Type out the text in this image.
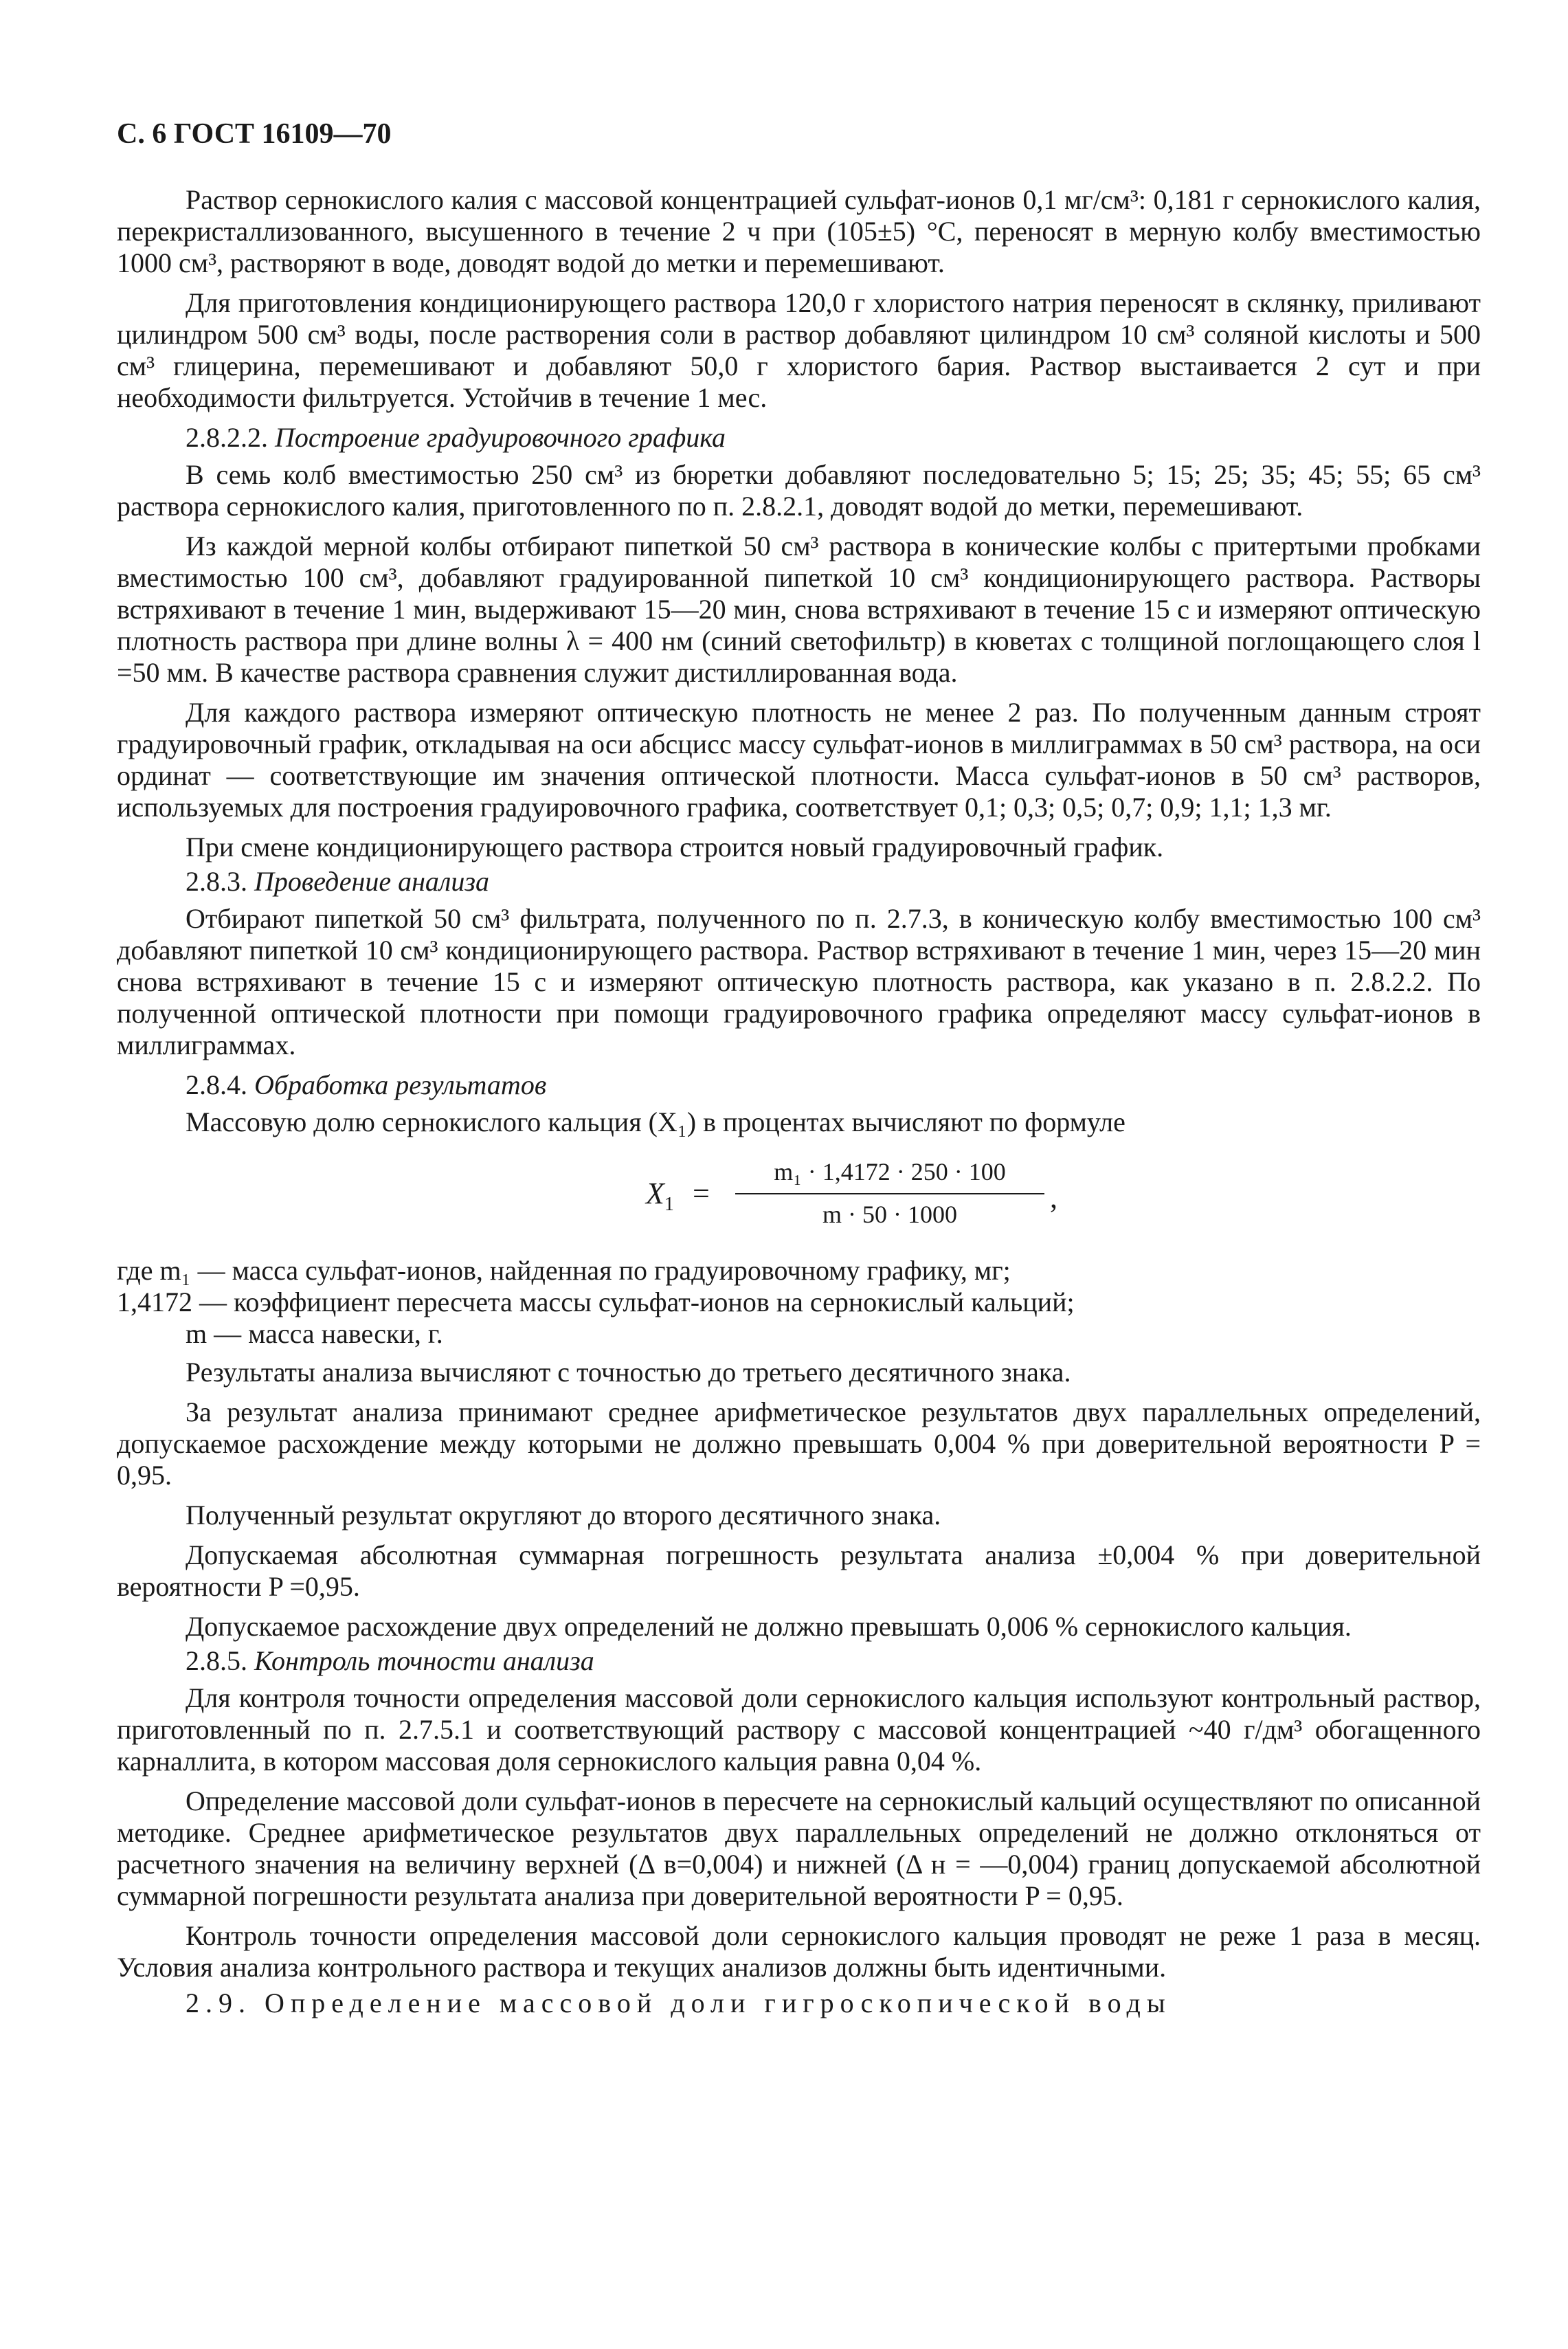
С. 6 ГОСТ 16109—70

Раствор сернокислого калия с массовой концентрацией сульфат-ионов 0,1 мг/см³: 0,181 г сернокислого калия, перекристаллизованного, высушенного в течение 2 ч при (105±5) °С, переносят в мерную колбу вместимостью 1000 см³, растворяют в воде, доводят водой до метки и перемешивают.

Для приготовления кондиционирующего раствора 120,0 г хлористого натрия переносят в склянку, приливают цилиндром 500 см³ воды, после растворения соли в раствор добавляют цилиндром 10 см³ соляной кислоты и 500 см³ глицерина, перемешивают и добавляют 50,0 г хлористого бария. Раствор выстаивается 2 сут и при необходимости фильтруется. Устойчив в течение 1 мес.

2.8.2.2. Построение градуировочного графика

В семь колб вместимостью 250 см³ из бюретки добавляют последовательно 5; 15; 25; 35; 45; 55; 65 см³ раствора сернокислого калия, приготовленного по п. 2.8.2.1, доводят водой до метки, перемешивают.

Из каждой мерной колбы отбирают пипеткой 50 см³ раствора в конические колбы с притертыми пробками вместимостью 100 см³, добавляют градуированной пипеткой 10 см³ кондиционирующего раствора. Растворы встряхивают в течение 1 мин, выдерживают 15—20 мин, снова встряхивают в течение 15 с и измеряют оптическую плотность раствора при длине волны λ = 400 нм (синий светофильтр) в кюветах с толщиной поглощающего слоя l =50 мм. В качестве раствора сравнения служит дистиллированная вода.

Для каждого раствора измеряют оптическую плотность не менее 2 раз. По полученным данным строят градуировочный график, откладывая на оси абсцисс массу сульфат-ионов в миллиграммах в 50 см³ раствора, на оси ординат — соответствующие им значения оптической плотности. Масса сульфат-ионов в 50 см³ растворов, используемых для построения градуировочного графика, соответствует 0,1; 0,3; 0,5; 0,7; 0,9; 1,1; 1,3 мг.

При смене кондиционирующего раствора строится новый градуировочный график.

2.8.3. Проведение анализа

Отбирают пипеткой 50 см³ фильтрата, полученного по п. 2.7.3, в коническую колбу вместимостью 100 см³ добавляют пипеткой 10 см³ кондиционирующего раствора. Раствор встряхивают в течение 1 мин, через 15—20 мин снова встряхивают в течение 15 с и измеряют оптическую плотность раствора, как указано в п. 2.8.2.2. По полученной оптической плотности при помощи градуировочного графика определяют массу сульфат-ионов в миллиграммах.

2.8.4. Обработка результатов

Массовую долю сернокислого кальция (X₁) в процентах вычисляют по формуле

$X_1$ =
m₁ · 1,4172 · 250 · 100
m · 50 · 1000	,
где m₁ — масса сульфат-ионов, найденная по градуировочному графику, мг;
1,4172 — коэффициент пересчета массы сульфат-ионов на сернокислый кальций;
m — масса навески, г.

Результаты анализа вычисляют с точностью до третьего десятичного знака.

За результат анализа принимают среднее арифметическое результатов двух параллельных определений, допускаемое расхождение между которыми не должно превышать 0,004 % при доверительной вероятности P = 0,95.

Полученный результат округляют до второго десятичного знака.

Допускаемая абсолютная суммарная погрешность результата анализа ±0,004 % при доверительной вероятности P =0,95.

Допускаемое расхождение двух определений не должно превышать 0,006 % сернокислого кальция.

2.8.5. Контроль точности анализа

Для контроля точности определения массовой доли сернокислого кальция используют контрольный раствор, приготовленный по п. 2.7.5.1 и соответствующий раствору с массовой концентрацией ~40 г/дм³ обогащенного карналлита, в котором массовая доля сернокислого кальция равна 0,04 %.

Определение массовой доли сульфат-ионов в пересчете на сернокислый кальций осуществляют по описанной методике. Среднее арифметическое результатов двух параллельных определений не должно отклоняться от расчетного значения на величину верхней (Δ в=0,004) и нижней (Δ н = —0,004) границ допускаемой абсолютной суммарной погрешности результата анализа при доверительной вероятности P = 0,95.

Контроль точности определения массовой доли сернокислого кальция проводят не реже 1 раза в месяц. Условия анализа контрольного раствора и текущих анализов должны быть идентичными.

2.9. Определение массовой доли гигроскопической воды
